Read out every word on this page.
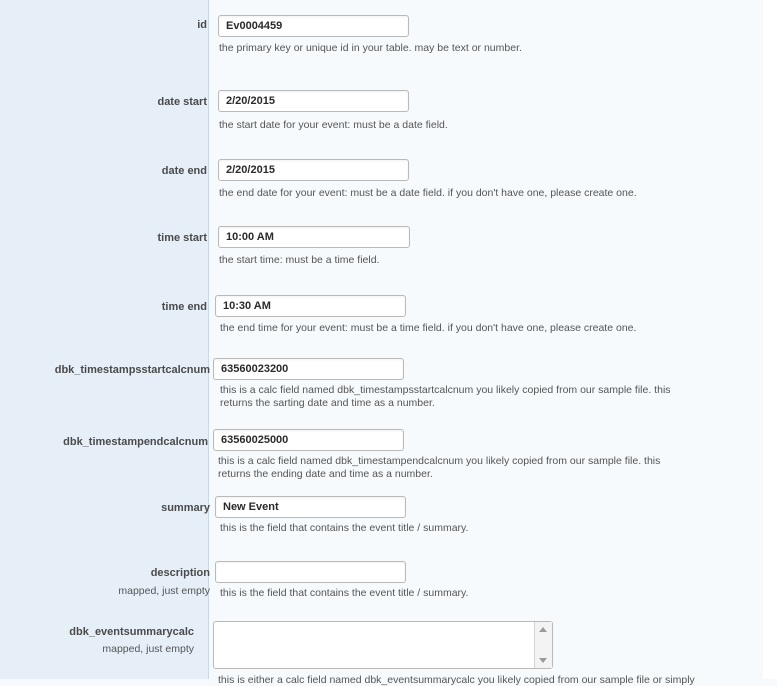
id
Ev0004459
the primary key or unique id in your table. may be text or number.
date start
2/20/2015
the start date for your event: must be a date field.
date end
2/20/2015
the end date for your event: must be a date field. if you don't have one, please create one.
time start
10:00 AM
the start time: must be a time field.
time end
10:30 AM
the end time for your event: must be a time field. if you don't have one, please create one.
dbk_timestampsstartcalcnum
63560023200
this is a calc field named dbk_timestampsstartcalcnum you likely copied from our sample file. this
returns the sarting date and time as a number.
dbk_timestampendcalcnum
63560025000
this is a calc field named dbk_timestampendcalcnum you likely copied from our sample file. this
returns the ending date and time as a number.
summary
New Event
this is the field that contains the event title / summary.
description
mapped, just empty this is the field that contains the event title / summary.
dbk_eventsummarycalc
mapped, just empty
this is either a calc field named dbk_eventsummarycalc you likely copied from our sample file or simply
